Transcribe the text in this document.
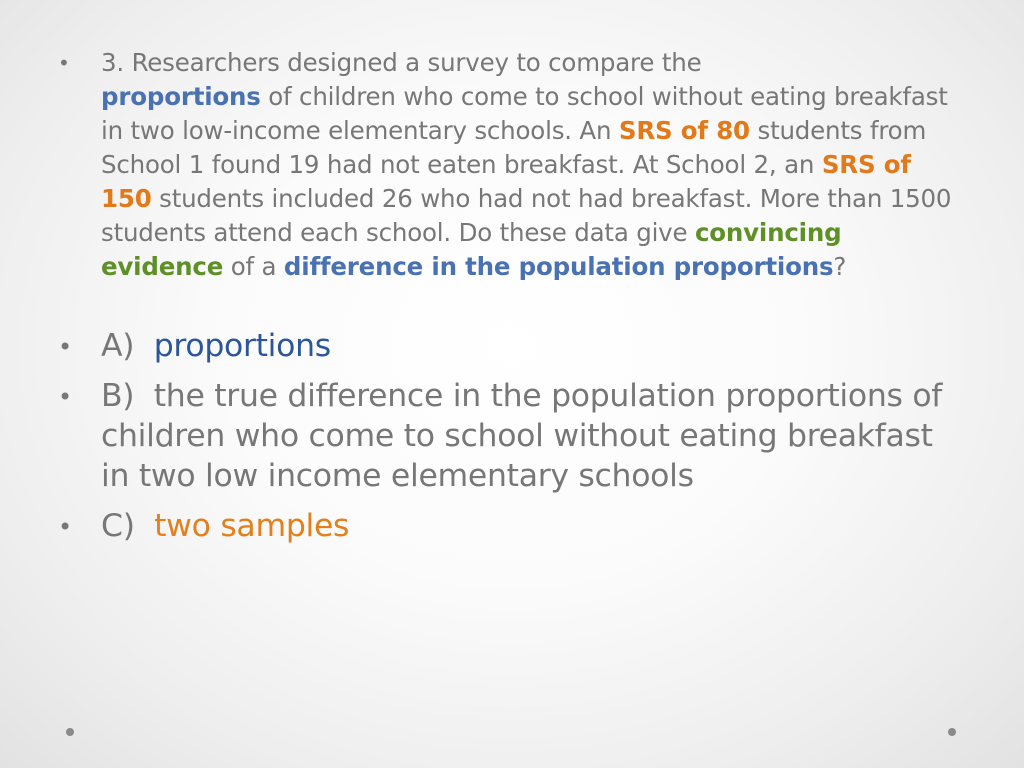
• 3. Researchers designed a survey to compare the
proportions of children who come to school without eating breakfast in two low-income elementary schools. An SRS of 80 students from School 1 found 19 had not eaten breakfast. At School 2, an SRS of 150 students included 26 who had not had breakfast. More than 1500 students attend each school. Do these data give convincing evidence of a difference in the population proportions?
• A) proportions
• B) the true difference in the population proportions of children who come to school without eating breakfast in two low income elementary schools
• C) two samples
